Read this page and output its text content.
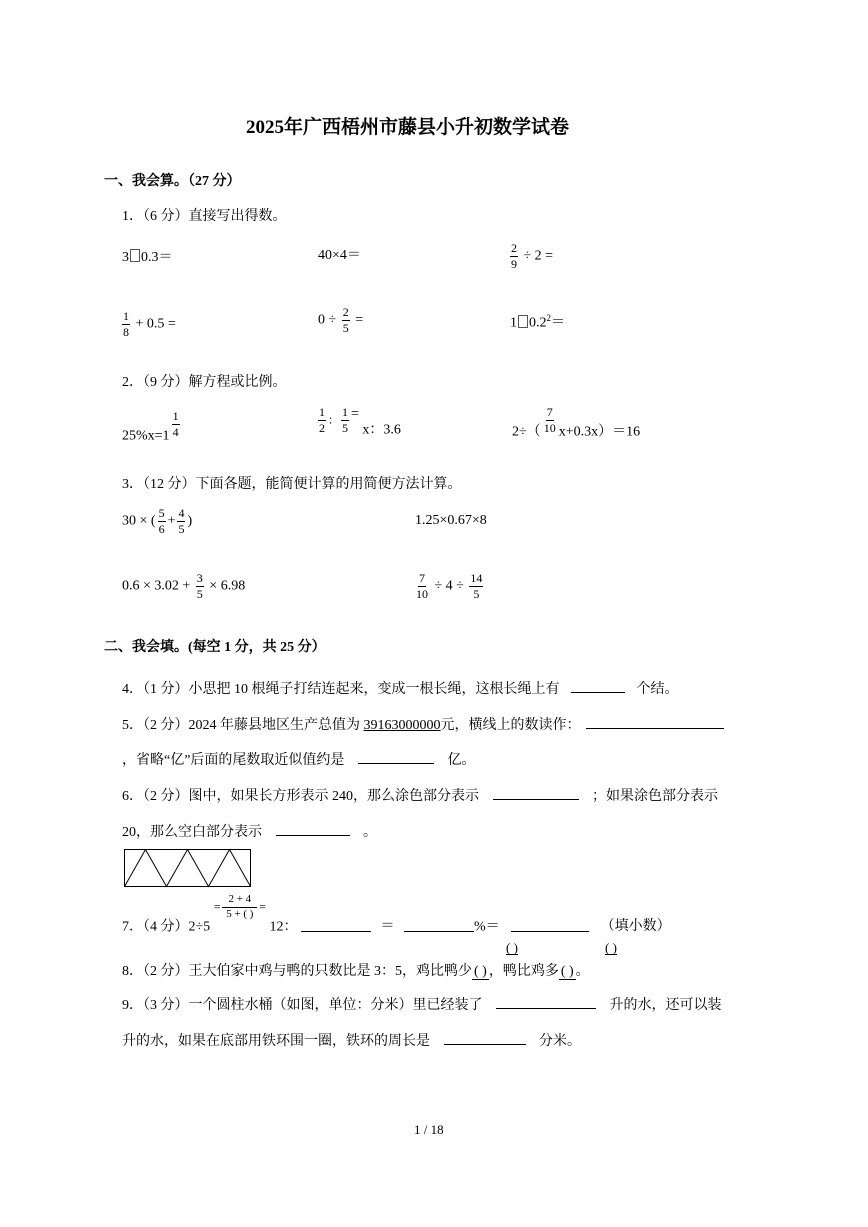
2025年广西梧州市藤县小升初数学试卷
一、我会算。（27 分）
1．（6 分）直接写出得数。
3 0.3＝	40×4＝	$\frac{2}{9} \div 2$ =
$\frac{1}{8} + 0.5$ =	$0 \div \frac{2}{5}$ =	1 $0.2^2=$
2．（9 分）解方程或比例。
$25\%x=1 \frac{1}{4}$	$\frac{1}{2}$ ： $\frac{1}{5} = x$：3.6	$2\div( \frac{7}{10} x+0.3x)=16$
3．（12 分）下面各题，能简便计算的用简便方法计算。
30 × ( $\frac{5}{6} + \frac{4}{5}$ )	1.25×0.67×8
$0.6 \times 3.02 + \frac{3}{5} \times 6.98$	$\frac{7}{10} \div 4 \div \frac{14}{5}$
二、我会填。(每空 1 分，共 25 分）
4．（1 分）小思把 10 根绳子打结连起来，变成一根长绳，这根长绳上有	个结。
5．（2 分）2024 年藤县地区生产总值为 39163000000元，横线上的数读作：
，省略“亿”后面的尾数取近似值约是	亿。
6．（2 分）图中，如果长方形表示 240，那么涂色部分表示	；如果涂色部分表示
20，那么空白部分表示	。
7．（4 分）$2\div 5 = \frac{2 + 4}{5 + ( )} = 12$：	＝	%＝	（填小数）
( )	( )
8．（2 分）王大伯家中鸡与鸭的只数比是 3：5，鸡比鸭少 ( ) ，鸭比鸡多 ( ) 。
9．（3 分）一个圆柱水桶（如图，单位：分米）里已经装了	升的水，还可以装
升的水，如果在底部用铁环围一圈，铁环的周长是	分米。
1 / 18
